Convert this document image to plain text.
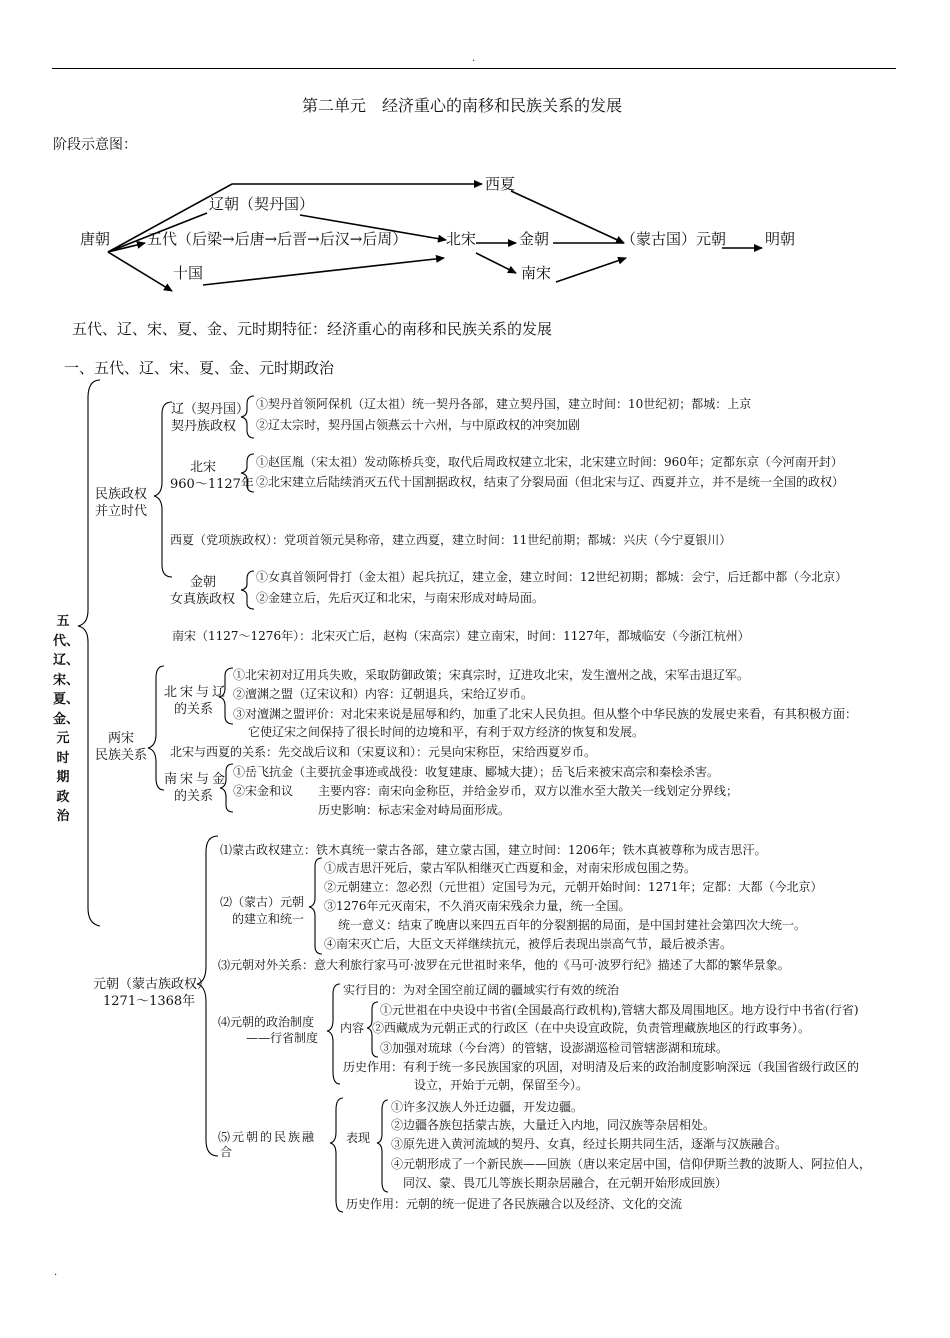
.
第二单元　经济重心的南移和民族关系的发展
阶段示意图：
唐朝
辽朝（契丹国）
西夏
五代（后梁→后唐→后晋→后汉→后周）
十国
北宋	金朝
南宋
（蒙古国）元朝	明朝
五代、辽、宋、夏、金、元时期特征：经济重心的南移和民族关系的发展
一、五代、辽、宋、夏、金、元时期政治
五代、辽、宋、夏、金、元时期政治
民族政权
并立时代
辽（契丹国）
契丹族政权
①契丹首领阿保机（辽太祖）统一契丹各部，建立契丹国，建立时间：10世纪初；都城：上京
②辽太宗时，契丹国占领燕云十六州，与中原政权的冲突加剧
北宋
960～1127年
①赵匡胤（宋太祖）发动陈桥兵变，取代后周政权建立北宋，北宋建立时间：960年；定都东京（今河南开封）
②北宋建立后陆续消灭五代十国割据政权，结束了分裂局面（但北宋与辽、西夏并立，并不是统一全国的政权）
西夏（党项族政权）：党项首领元昊称帝，建立西夏，建立时间：11世纪前期；都城：兴庆（今宁夏银川）
金朝
女真族政权
①女真首领阿骨打（金太祖）起兵抗辽，建立金，建立时间：12世纪初期；都城：会宁，后迁都中都（今北京）
②金建立后，先后灭辽和北宋，与南宋形成对峙局面。
南宋（1127～1276年）：北宋灭亡后，赵构（宋高宗）建立南宋，时间：1127年，都城临安（今浙江杭州）
两宋
民族关系
北宋与辽
的关系
①北宋初对辽用兵失败，采取防御政策；宋真宗时，辽进攻北宋，发生澶州之战，宋军击退辽军。
②澶渊之盟（辽宋议和）内容：辽朝退兵，宋给辽岁币。
③对澶渊之盟评价：对北宋来说是屈辱和约，加重了北宋人民负担。但从整个中华民族的发展史来看，有其积极方面：
它使辽宋之间保持了很长时间的边境和平，有利于双方经济的恢复和发展。
北宋与西夏的关系：先交战后议和（宋夏议和）：元昊向宋称臣，宋给西夏岁币。
南宋与金
的关系
①岳飞抗金（主要抗金事迹或战役：收复建康、郾城大捷）；岳飞后来被宋高宗和秦桧杀害。
②宋金和议 主要内容：南宋向金称臣，并给金岁币，双方以淮水至大散关一线划定分界线；
历史影响：标志宋金对峙局面形成。
元朝（蒙古族政权）
1271～1368年
⑴蒙古政权建立：铁木真统一蒙古各部，建立蒙古国，建立时间：1206年；铁木真被尊称为成吉思汗。
⑵（蒙古）元朝
的建立和统一
①成吉思汗死后，蒙古军队相继灭亡西夏和金，对南宋形成包围之势。
②元朝建立：忽必烈（元世祖）定国号为元，元朝开始时间：1271年；定都：大都（今北京）
③1276年元灭南宋，不久消灭南宋残余力量，统一全国。
统一意义：结束了晚唐以来四五百年的分裂割据的局面，是中国封建社会第四次大统一。
④南宋灭亡后，大臣文天祥继续抗元，被俘后表现出崇高气节，最后被杀害。
⑶元朝对外关系：意大利旅行家马可·波罗在元世祖时来华，他的《马可·波罗行纪》描述了大都的繁华景象。
⑷元朝的政治制度
——行省制度
实行目的：为对全国空前辽阔的疆域实行有效的统治
内容
①元世祖在中央设中书省(全国最高行政机构),管辖大都及周围地区。地方设行中书省(行省)
②西藏成为元朝正式的行政区（在中央设宣政院，负责管理藏族地区的行政事务）。
③加强对琉球（今台湾）的管辖，设澎湖巡检司管辖澎湖和琉球。
历史作用：有利于统一多民族国家的巩固，对明清及后来的政治制度影响深远（我国省级行政区的
设立，开始于元朝，保留至今）。
⑸元朝的民族融
合
表现
①许多汉族人外迁边疆，开发边疆。
②边疆各族包括蒙古族，大量迁入内地，同汉族等杂居相处。
③原先进入黄河流域的契丹、女真，经过长期共同生活，逐渐与汉族融合。
④元朝形成了一个新民族——回族（唐以来定居中国，信仰伊斯兰教的波斯人、阿拉伯人，
同汉、蒙、畏兀儿等族长期杂居融合，在元朝开始形成回族）
历史作用：元朝的统一促进了各民族融合以及经济、文化的交流
.
